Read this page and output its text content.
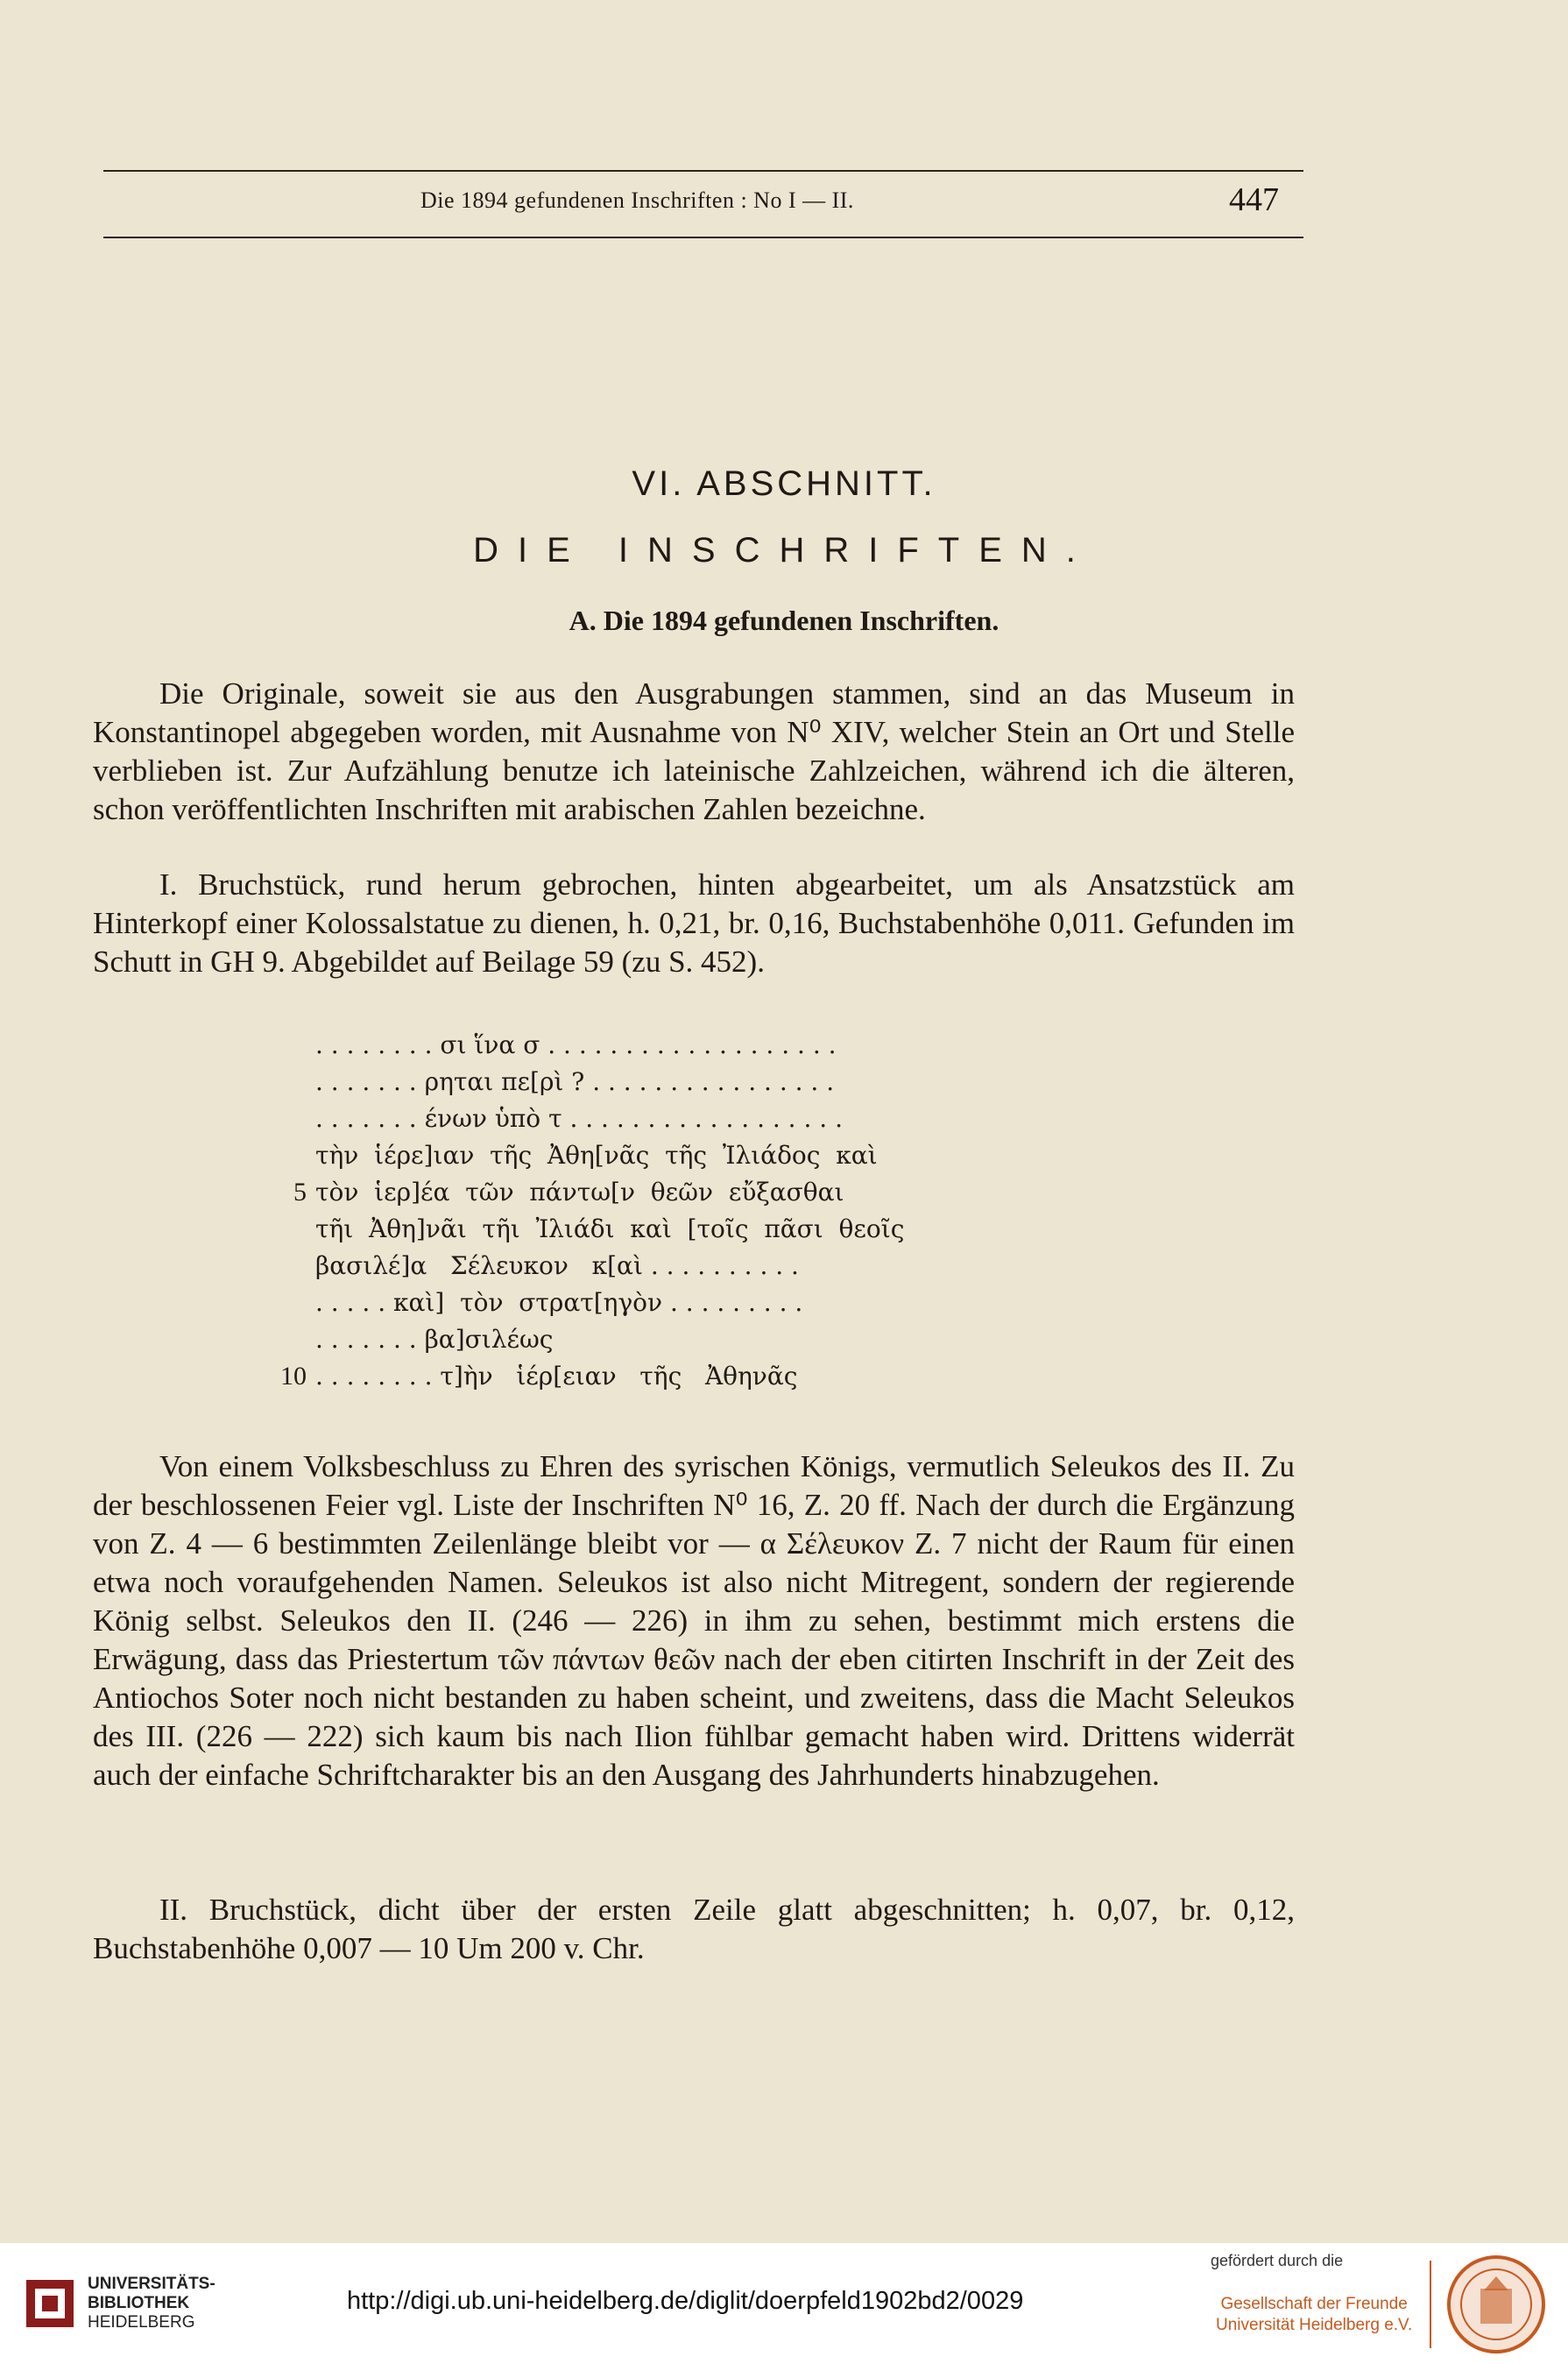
Die 1894 gefundenen Inschriften : No I — II.	447
VI. ABSCHNITT.
DIE INSCHRIFTEN.
A. Die 1894 gefundenen Inschriften.

Die Originale, soweit sie aus den Ausgrabungen stammen, sind an das Museum in Konstantinopel abgegeben worden, mit Ausnahme von N⁰ XIV, welcher Stein an Ort und Stelle verblieben ist. Zur Aufzählung benutze ich lateinische Zahlzeichen, während ich die älteren, schon veröffentlichten Inschriften mit arabischen Zahlen bezeichne.

I. Bruchstück, rund herum gebrochen, hinten abgearbeitet, um als Ansatzstück am Hinterkopf einer Kolossalstatue zu dienen, h. 0,21, br. 0,16, Buchstabenhöhe 0,011. Gefunden im Schutt in GH 9. Abgebildet auf Beilage 59 (zu S. 452).

. . . . . . . . σι ἵνα σ . . . . . . . . . . . . . . . . . . .
. . . . . . . ρηται πε[ρὶ ? . . . . . . . . . . . . . . . .
. . . . . . . ένων ὑπὸ τ . . . . . . . . . . . . . . . . . .
τὴν  ἱέρε]ιαν  τῆς  Ἀθη[νᾶς  τῆς  Ἰλιάδος  καὶ
5 τὸν  ἱερ]έα  τῶν  πάντω[ν  θεῶν  εὔξασθαι
τῆι  Ἀθη]νᾶι  τῆι  Ἰλιάδι  καὶ  [τοῖς  πᾶσι  θεοῖς
βασιλέ]α   Σέλευκον   κ[αὶ . . . . . . . . . .
. . . . . καὶ]  τὸν  στρατ[ηγὸν . . . . . . . . .
. . . . . . . βα]σιλέως
10 . . . . . . . . τ]ὴν   ἱέρ[ειαν   τῆς   Ἀθηνᾶς

Von einem Volksbeschluss zu Ehren des syrischen Königs, vermutlich Seleukos des II. Zu der beschlossenen Feier vgl. Liste der Inschriften N⁰ 16, Z. 20 ff. Nach der durch die Ergänzung von Z. 4 — 6 bestimmten Zeilenlänge bleibt vor — α Σέλευκον Z. 7 nicht der Raum für einen etwa noch voraufgehenden Namen. Seleukos ist also nicht Mitregent, sondern der regierende König selbst. Seleukos den II. (246 — 226) in ihm zu sehen, bestimmt mich erstens die Erwägung, dass das Priestertum τῶν πάντων θεῶν nach der eben citirten Inschrift in der Zeit des Antiochos Soter noch nicht bestanden zu haben scheint, und zweitens, dass die Macht Seleukos des III. (226 — 222) sich kaum bis nach Ilion fühlbar gemacht haben wird. Drittens widerrät auch der einfache Schriftcharakter bis an den Ausgang des Jahrhunderts hinabzugehen.

II. Bruchstück, dicht über der ersten Zeile glatt abgeschnitten; h. 0,07, br. 0,12, Buchstabenhöhe 0,007 — 10 Um 200 v. Chr.

UNIVERSITÄTS-
BIBLIOTHEK
HEIDELBERG
http://digi.ub.uni-heidelberg.de/diglit/doerpfeld1902bd2/0029
gefördert durch die
Gesellschaft der Freunde
Universität Heidelberg e.V.
